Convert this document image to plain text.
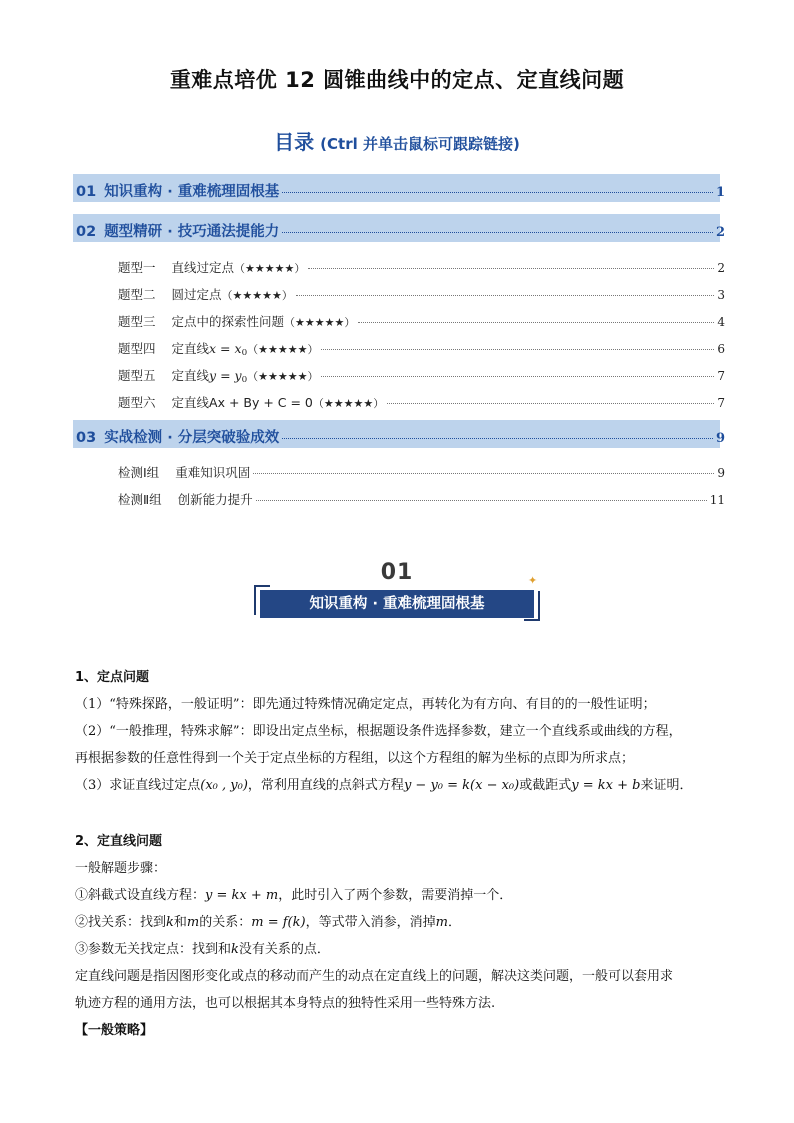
重难点培优 12 圆锥曲线中的定点、定直线问题
目录 (Ctrl 并单击鼠标可跟踪链接)
01 知识重构 · 重难梳理固根基	1
02 题型精研 · 技巧通法提能力	2
题型一 直线过定点 （★★★★★）	2
题型二 圆过定点 （★★★★★）	3
题型三 定点中的探索性问题 （★★★★★）	4
题型四 定直线 x = x0 （★★★★★）	6
题型五 定直线 y = y0 （★★★★★）	7
题型六 定直线Ax + By + C = 0 （★★★★★）	7
03 实战检测 · 分层突破验成效	9
检测Ⅰ组 重难知识巩固	9
检测Ⅱ组 创新能力提升	11
01
知识重构 · 重难梳理固根基
✦

1、定点问题

（1）“特殊探路，一般证明”：即先通过特殊情况确定定点，再转化为有方向、有目的的一般性证明；

（2）“一般推理，特殊求解”：即设出定点坐标，根据题设条件选择参数，建立一个直线系或曲线的方程，

再根据参数的任意性得到一个关于定点坐标的方程组，以这个方程组的解为坐标的点即为所求点；

（3）求证直线过定点(x₀ , y₀)，常利用直线的点斜式方程y − y₀ = k(x − x₀)或截距式y = kx + b来证明．

2、定直线问题

一般解题步骤：

①斜截式设直线方程：y = kx + m，此时引入了两个参数，需要消掉一个．

②找关系：找到k和m的关系：m = f(k)，等式带入消参，消掉m．

③参数无关找定点：找到和k没有关系的点．

定直线问题是指因图形变化或点的移动而产生的动点在定直线上的问题，解决这类问题，一般可以套用求

轨迹方程的通用方法，也可以根据其本身特点的独特性采用一些特殊方法.

【一般策略】
